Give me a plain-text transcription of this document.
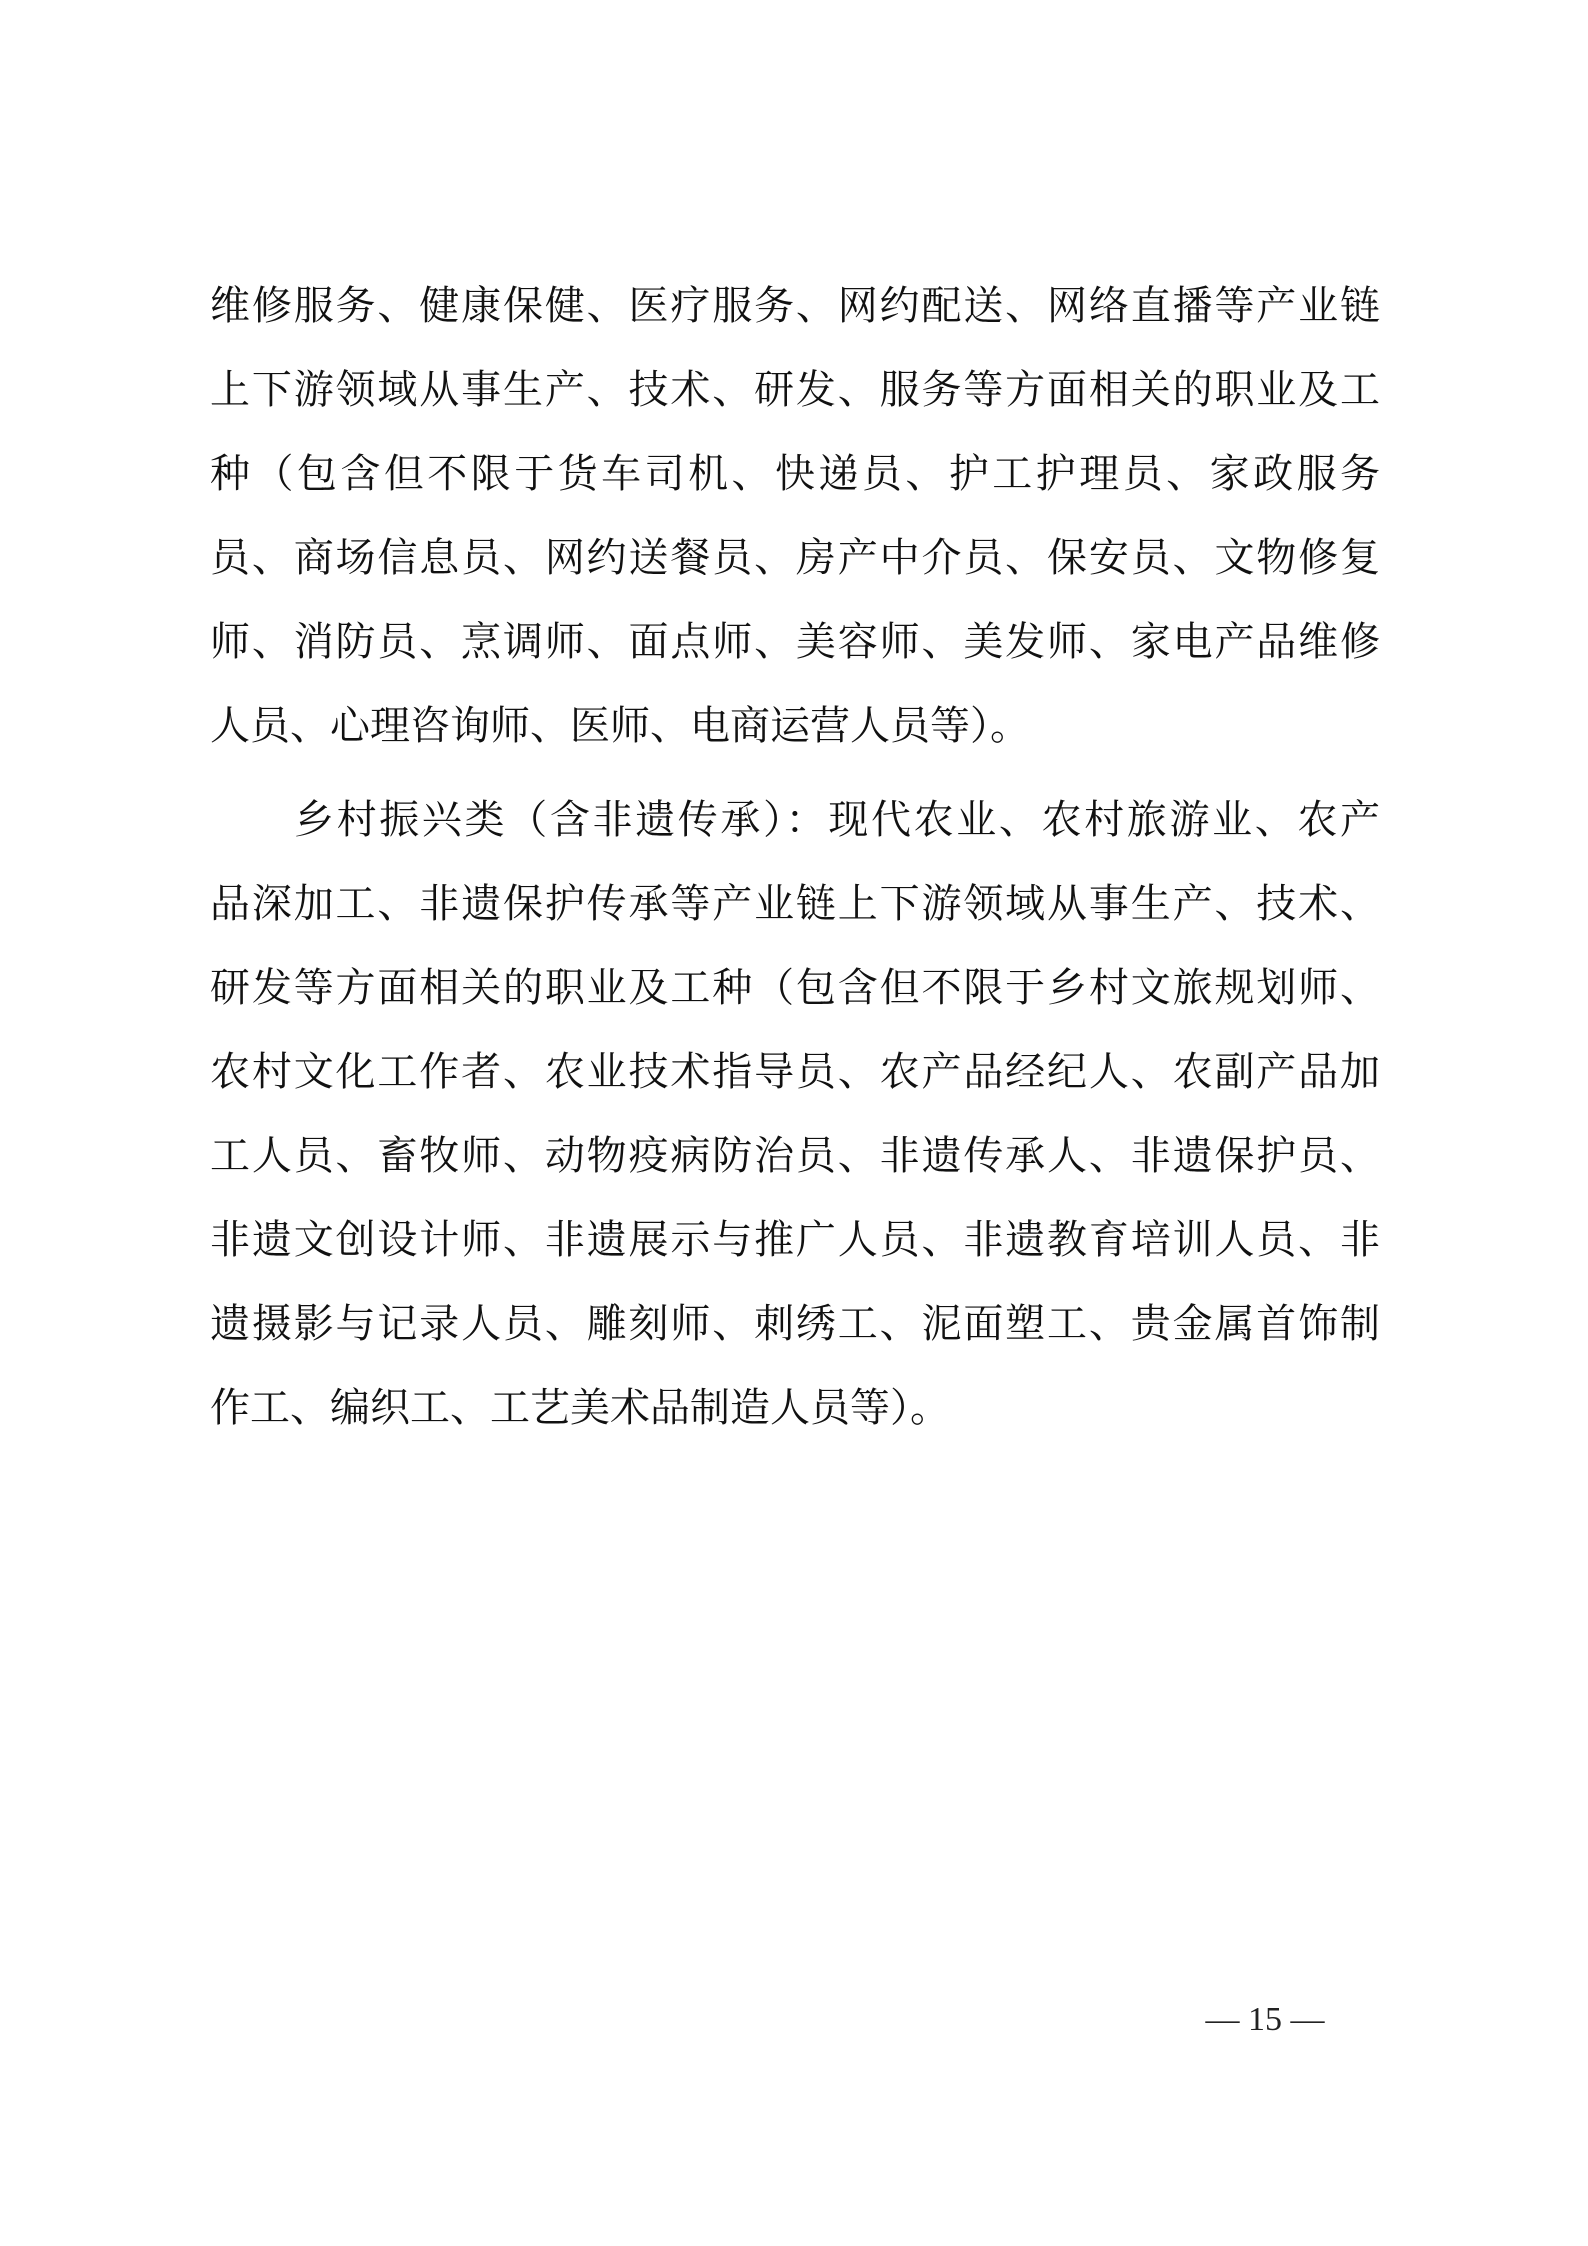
维修服务、健康保健、医疗服务、网约配送、网络直播等产业链

上下游领域从事生产、技术、研发、服务等方面相关的职业及工

种（包含但不限于货车司机、快递员、护工护理员、家政服务

员、商场信息员、网约送餐员、房产中介员、保安员、文物修复

师、消防员、烹调师、面点师、美容师、美发师、家电产品维修

人员、心理咨询师、医师、电商运营人员等）。

乡村振兴类（含非遗传承）：现代农业、农村旅游业、农产

品深加工、非遗保护传承等产业链上下游领域从事生产、技术、

研发等方面相关的职业及工种（包含但不限于乡村文旅规划师、

农村文化工作者、农业技术指导员、农产品经纪人、农副产品加

工人员、畜牧师、动物疫病防治员、非遗传承人、非遗保护员、

非遗文创设计师、非遗展示与推广人员、非遗教育培训人员、非

遗摄影与记录人员、雕刻师、刺绣工、泥面塑工、贵金属首饰制

作工、编织工、工艺美术品制造人员等）。

— 15 —
